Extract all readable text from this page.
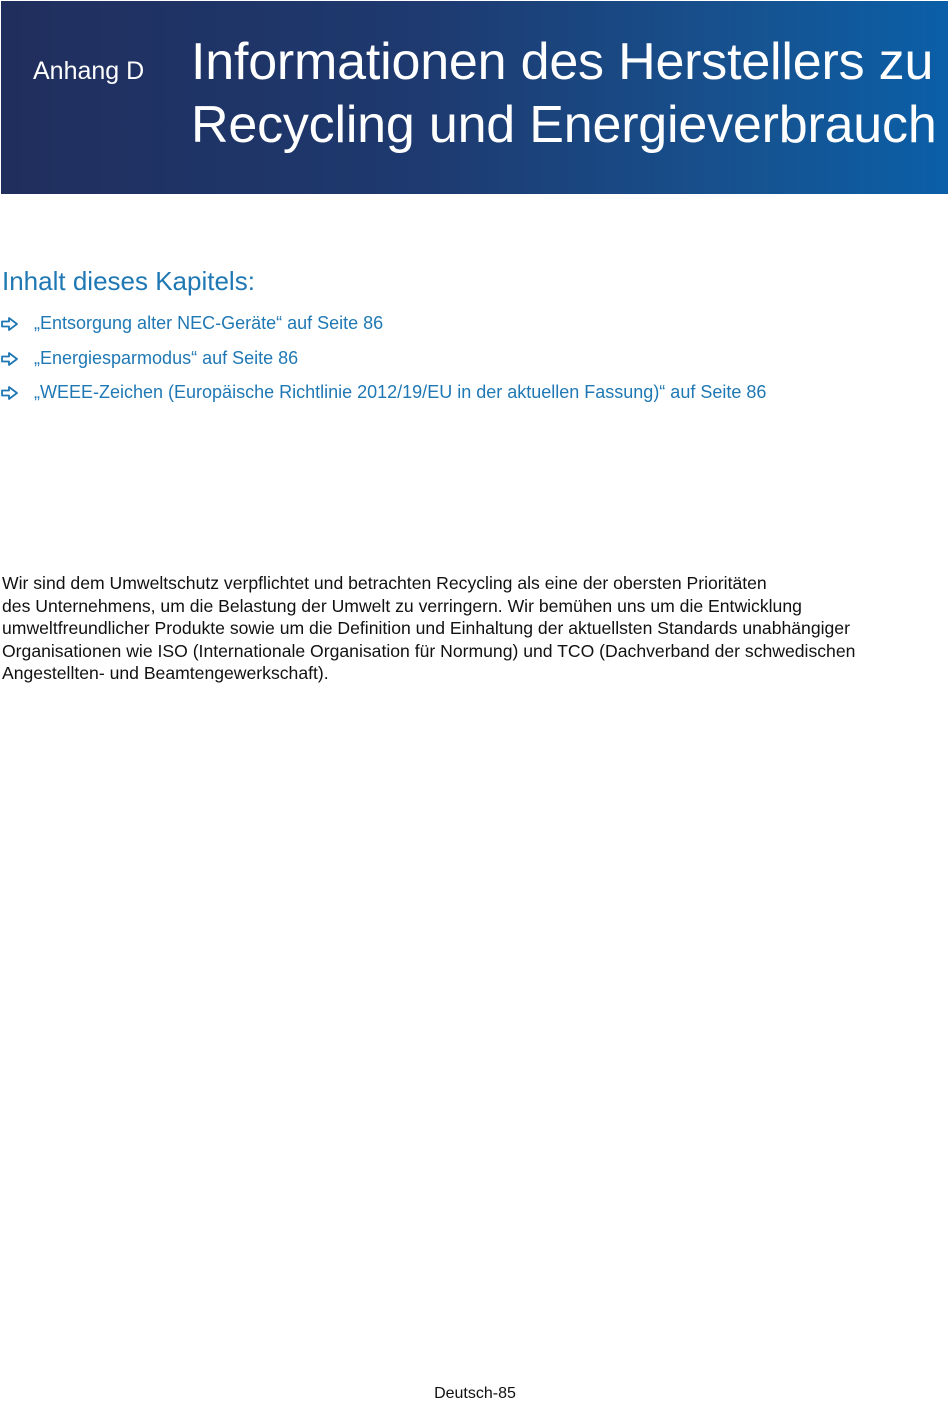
Anhang D Informationen des Herstellers zu
Recycling und Energieverbrauch
Inhalt dieses Kapitels:
„Entsorgung alter NEC-Geräte“ auf Seite 86
„Energiesparmodus“ auf Seite 86
„WEEE-Zeichen (Europäische Richtlinie 2012/19/EU in der aktuellen Fassung)“ auf Seite 86

Wir sind dem Umweltschutz verpflichtet und betrachten Recycling als eine der obersten Prioritäten
des Unternehmens, um die Belastung der Umwelt zu verringern. Wir bemühen uns um die Entwicklung
umweltfreundlicher Produkte sowie um die Definition und Einhaltung der aktuellsten Standards unabhängiger
Organisationen wie ISO (Internationale Organisation für Normung) und TCO (Dachverband der schwedischen
Angestellten- und Beamtengewerkschaft).

Deutsch-85
